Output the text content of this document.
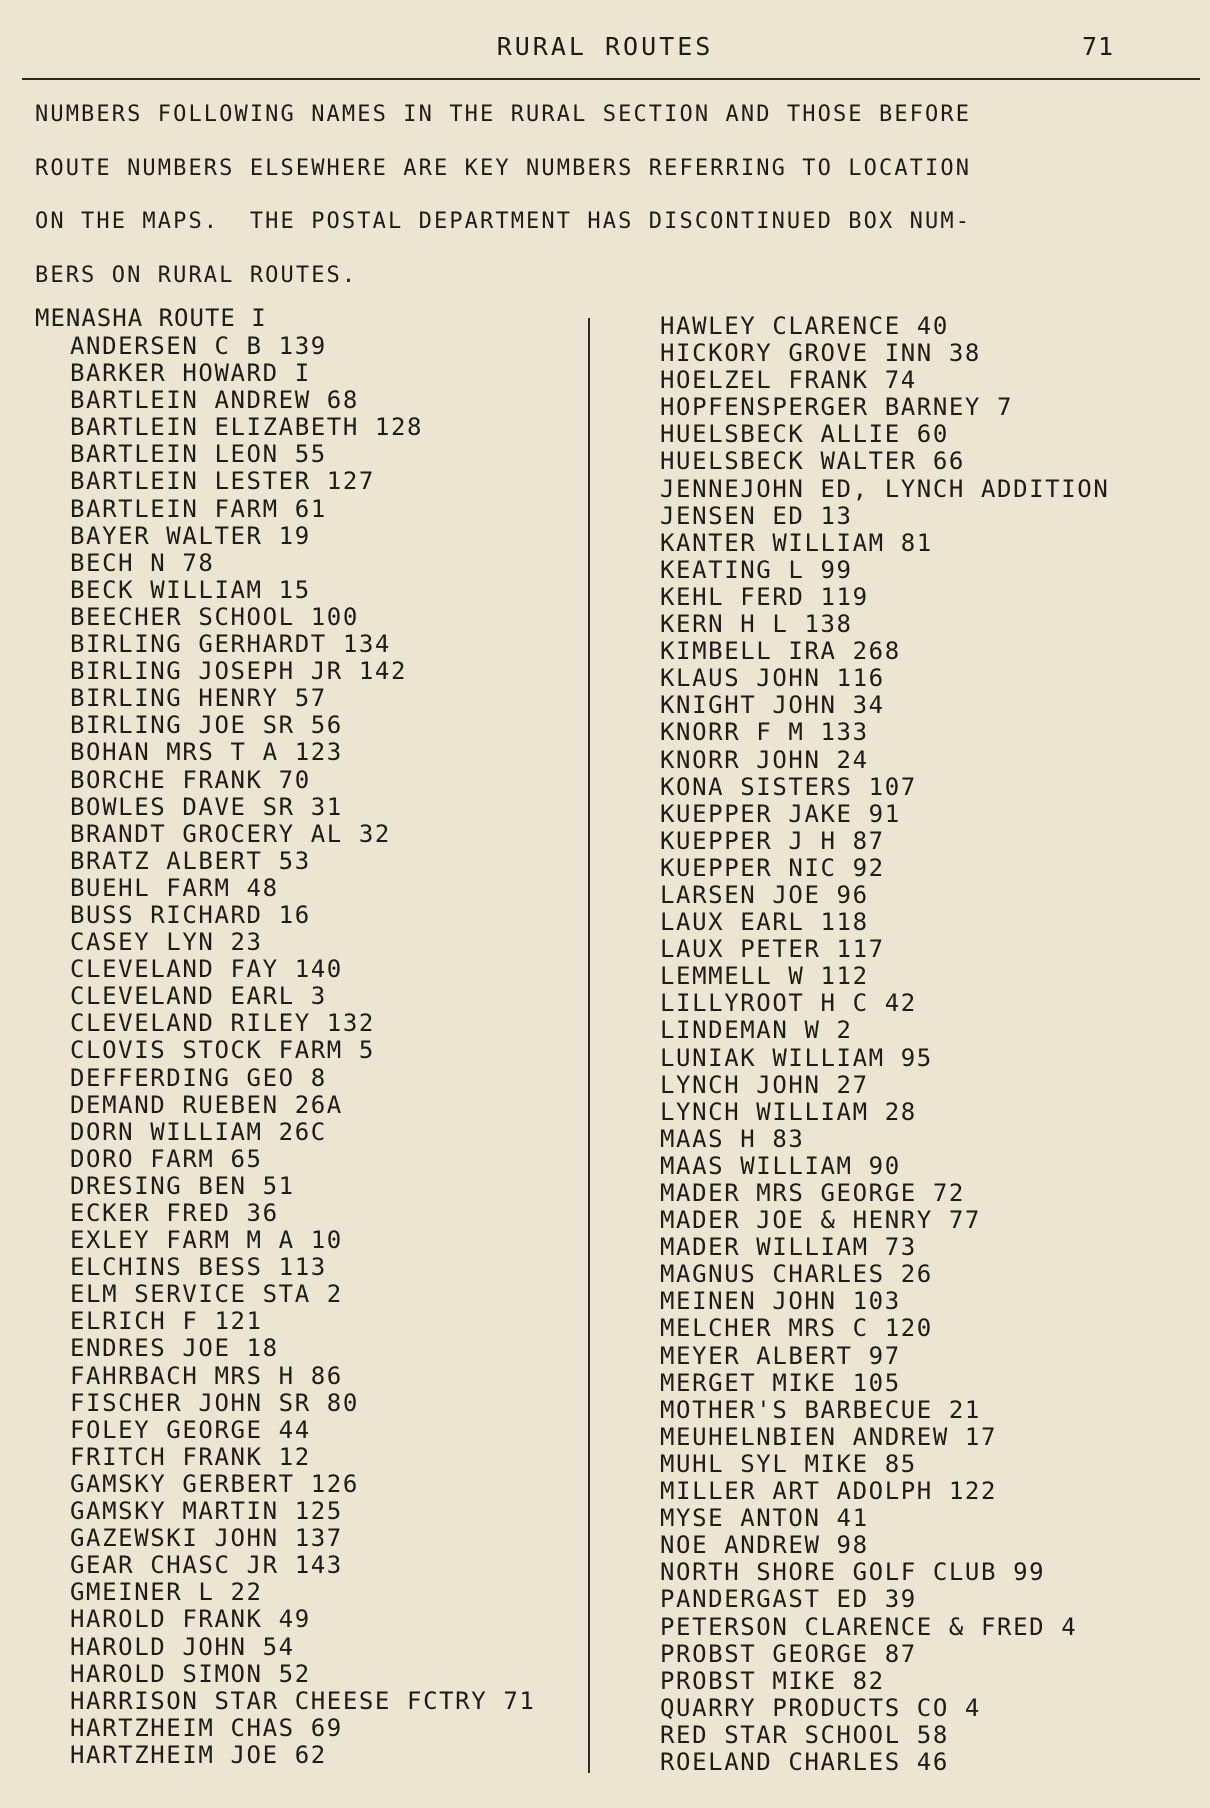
RURAL ROUTES	71

NUMBERS FOLLOWING NAMES IN THE RURAL SECTION AND THOSE BEFORE
ROUTE NUMBERS ELSEWHERE ARE KEY NUMBERS REFERRING TO LOCATION
ON THE MAPS.  THE POSTAL DEPARTMENT HAS DISCONTINUED BOX NUM-
BERS ON RURAL ROUTES.

MENASHA ROUTE I
ANDERSEN C B 139
BARKER HOWARD I
BARTLEIN ANDREW 68
BARTLEIN ELIZABETH 128
BARTLEIN LEON 55
BARTLEIN LESTER 127
BARTLEIN FARM 61
BAYER WALTER 19
BECH N 78
BECK WILLIAM 15
BEECHER SCHOOL 100
BIRLING GERHARDT 134
BIRLING JOSEPH JR 142
BIRLING HENRY 57
BIRLING JOE SR 56
BOHAN MRS T A 123
BORCHE FRANK 70
BOWLES DAVE SR 31
BRANDT GROCERY AL 32
BRATZ ALBERT 53
BUEHL FARM 48
BUSS RICHARD 16
CASEY LYN 23
CLEVELAND FAY 140
CLEVELAND EARL 3
CLEVELAND RILEY 132
CLOVIS STOCK FARM 5
DEFFERDING GEO 8
DEMAND RUEBEN 26A
DORN WILLIAM 26C
DORO FARM 65
DRESING BEN 51
ECKER FRED 36
EXLEY FARM M A 10
ELCHINS BESS 113
ELM SERVICE STA 2
ELRICH F 121
ENDRES JOE 18
FAHRBACH MRS H 86
FISCHER JOHN SR 80
FOLEY GEORGE 44
FRITCH FRANK 12
GAMSKY GERBERT 126
GAMSKY MARTIN 125
GAZEWSKI JOHN 137
GEAR CHASC JR 143
GMEINER L 22
HAROLD FRANK 49
HAROLD JOHN 54
HAROLD SIMON 52
HARRISON STAR CHEESE FCTRY 71
HARTZHEIM CHAS 69
HARTZHEIM JOE 62
HAWLEY CLARENCE 40
HICKORY GROVE INN 38
HOELZEL FRANK 74
HOPFENSPERGER BARNEY 7
HUELSBECK ALLIE 60
HUELSBECK WALTER 66
JENNEJOHN ED, LYNCH ADDITION
JENSEN ED 13
KANTER WILLIAM 81
KEATING L 99
KEHL FERD 119
KERN H L 138
KIMBELL IRA 268
KLAUS JOHN 116
KNIGHT JOHN 34
KNORR F M 133
KNORR JOHN 24
KONA SISTERS 107
KUEPPER JAKE 91
KUEPPER J H 87
KUEPPER NIC 92
LARSEN JOE 96
LAUX EARL 118
LAUX PETER 117
LEMMELL W 112
LILLYROOT H C 42
LINDEMAN W 2
LUNIAK WILLIAM 95
LYNCH JOHN 27
LYNCH WILLIAM 28
MAAS H 83
MAAS WILLIAM 90
MADER MRS GEORGE 72
MADER JOE & HENRY 77
MADER WILLIAM 73
MAGNUS CHARLES 26
MEINEN JOHN 103
MELCHER MRS C 120
MEYER ALBERT 97
MERGET MIKE 105
MOTHER'S BARBECUE 21
MEUHELNBIEN ANDREW 17
MUHL SYL MIKE 85
MILLER ART ADOLPH 122
MYSE ANTON 41
NOE ANDREW 98
NORTH SHORE GOLF CLUB 99
PANDERGAST ED 39
PETERSON CLARENCE & FRED 4
PROBST GEORGE 87
PROBST MIKE 82
QUARRY PRODUCTS CO 4
RED STAR SCHOOL 58
ROELAND CHARLES 46
